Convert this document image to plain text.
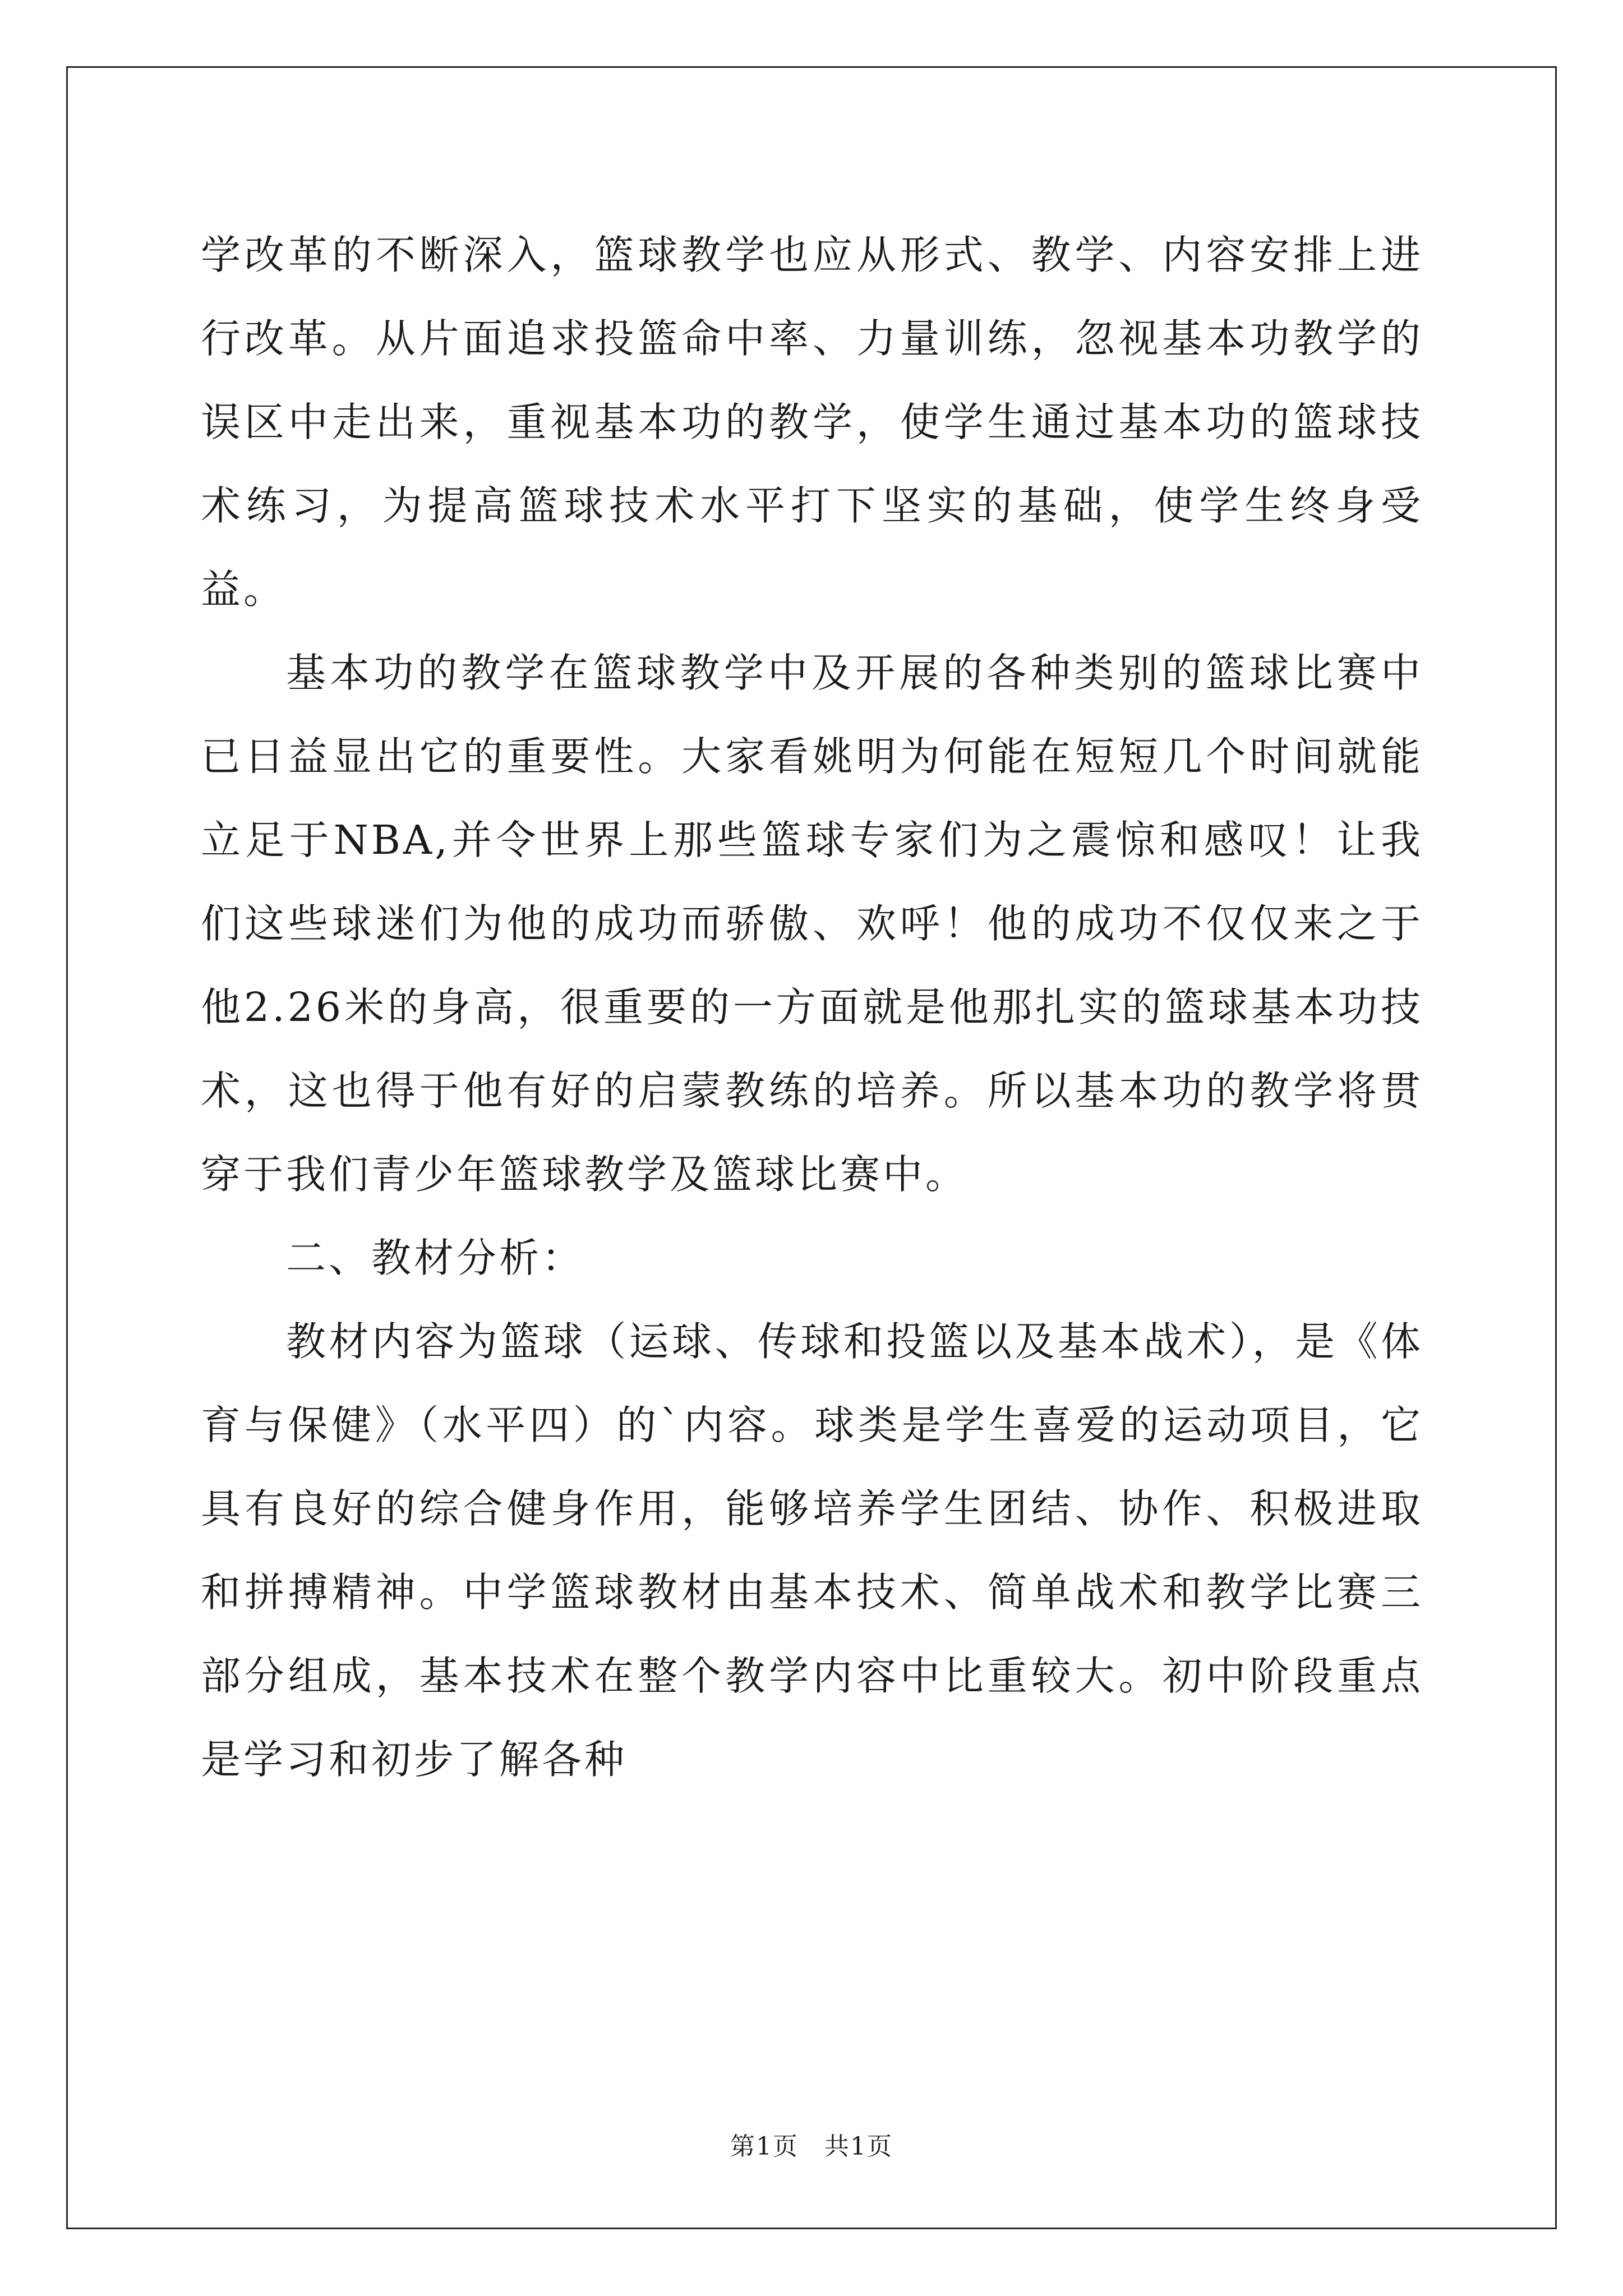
学改革的不断深入，篮球教学也应从形式、教学、内容安排上进行改革。从片面追求投篮命中率、力量训练，忽视基本功教学的误区中走出来，重视基本功的教学，使学生通过基本功的篮球技术练习，为提高篮球技术水平打下坚实的基础，使学生终身受益。

基本功的教学在篮球教学中及开展的各种类别的篮球比赛中已日益显出它的重要性。大家看姚明为何能在短短几个时间就能立足于NBA,并令世界上那些篮球专家们为之震惊和感叹！让我们这些球迷们为他的成功而骄傲、欢呼！他的成功不仅仅来之于他2.26米的身高，很重要的一方面就是他那扎实的篮球基本功技术，这也得于他有好的启蒙教练的培养。所以基本功的教学将贯穿于我们青少年篮球教学及篮球比赛中。

二、教材分析：

教材内容为篮球（运球、传球和投篮以及基本战术），是《体育与保健》（水平四）的`内容。球类是学生喜爱的运动项目，它具有良好的综合健身作用，能够培养学生团结、协作、积极进取和拼搏精神。中学篮球教材由基本技术、简单战术和教学比赛三部分组成，基本技术在整个教学内容中比重较大。初中阶段重点是学习和初步了解各种

第1页　共1页
